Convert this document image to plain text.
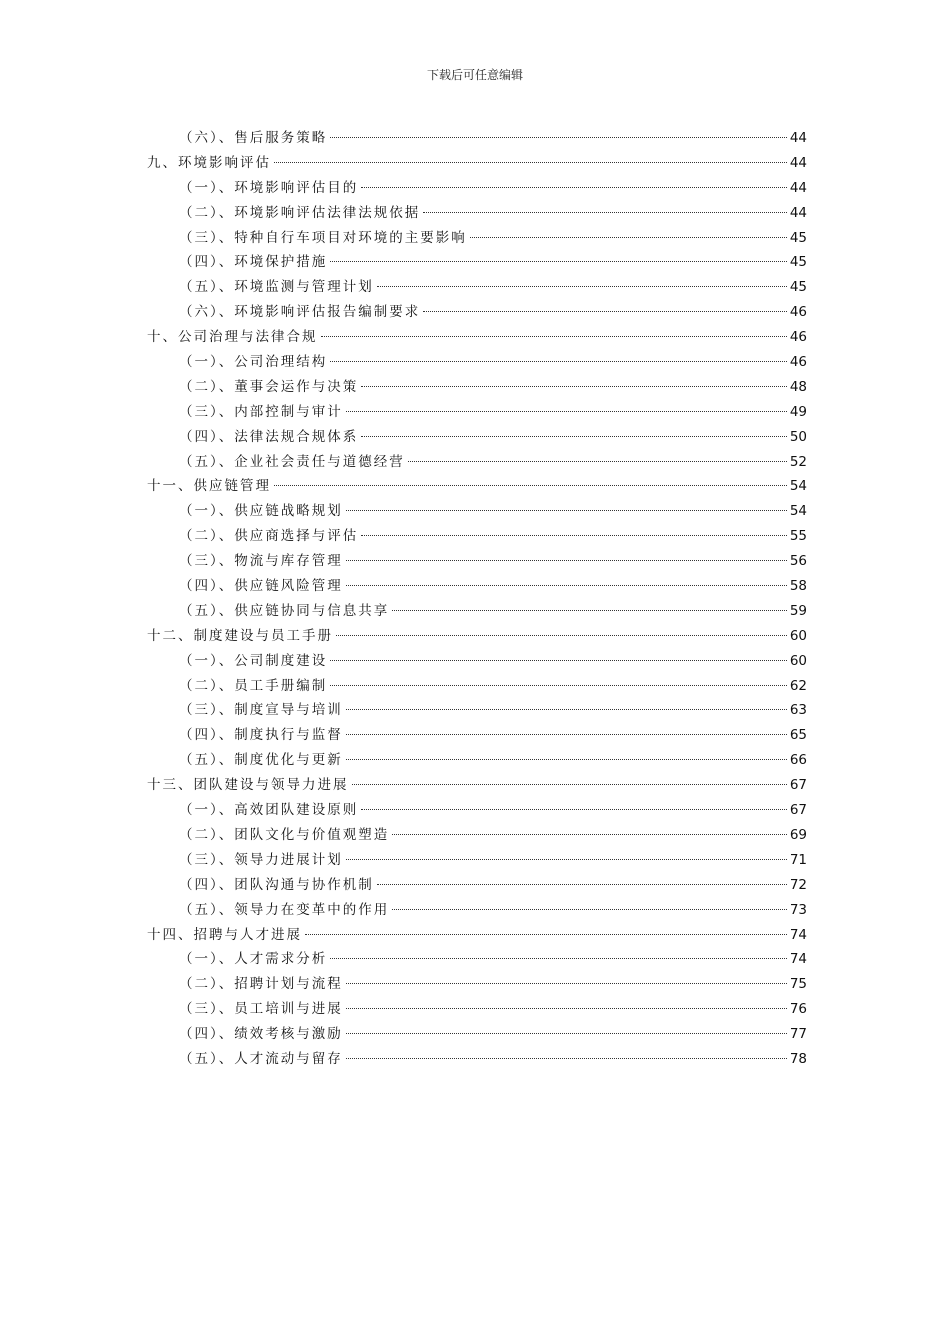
下载后可任意编辑
（六）、售后服务策略	44
九、环境影响评估	44
（一）、环境影响评估目的	44
（二）、环境影响评估法律法规依据	44
（三）、特种自行车项目对环境的主要影响	45
（四）、环境保护措施	45
（五）、环境监测与管理计划	45
（六）、环境影响评估报告编制要求	46
十、公司治理与法律合规	46
（一）、公司治理结构	46
（二）、董事会运作与决策	48
（三）、内部控制与审计	49
（四）、法律法规合规体系	50
（五）、企业社会责任与道德经营	52
十一、供应链管理	54
（一）、供应链战略规划	54
（二）、供应商选择与评估	55
（三）、物流与库存管理	56
（四）、供应链风险管理	58
（五）、供应链协同与信息共享	59
十二、制度建设与员工手册	60
（一）、公司制度建设	60
（二）、员工手册编制	62
（三）、制度宣导与培训	63
（四）、制度执行与监督	65
（五）、制度优化与更新	66
十三、团队建设与领导力进展	67
（一）、高效团队建设原则	67
（二）、团队文化与价值观塑造	69
（三）、领导力进展计划	71
（四）、团队沟通与协作机制	72
（五）、领导力在变革中的作用	73
十四、招聘与人才进展	74
（一）、人才需求分析	74
（二）、招聘计划与流程	75
（三）、员工培训与进展	76
（四）、绩效考核与激励	77
（五）、人才流动与留存	78
